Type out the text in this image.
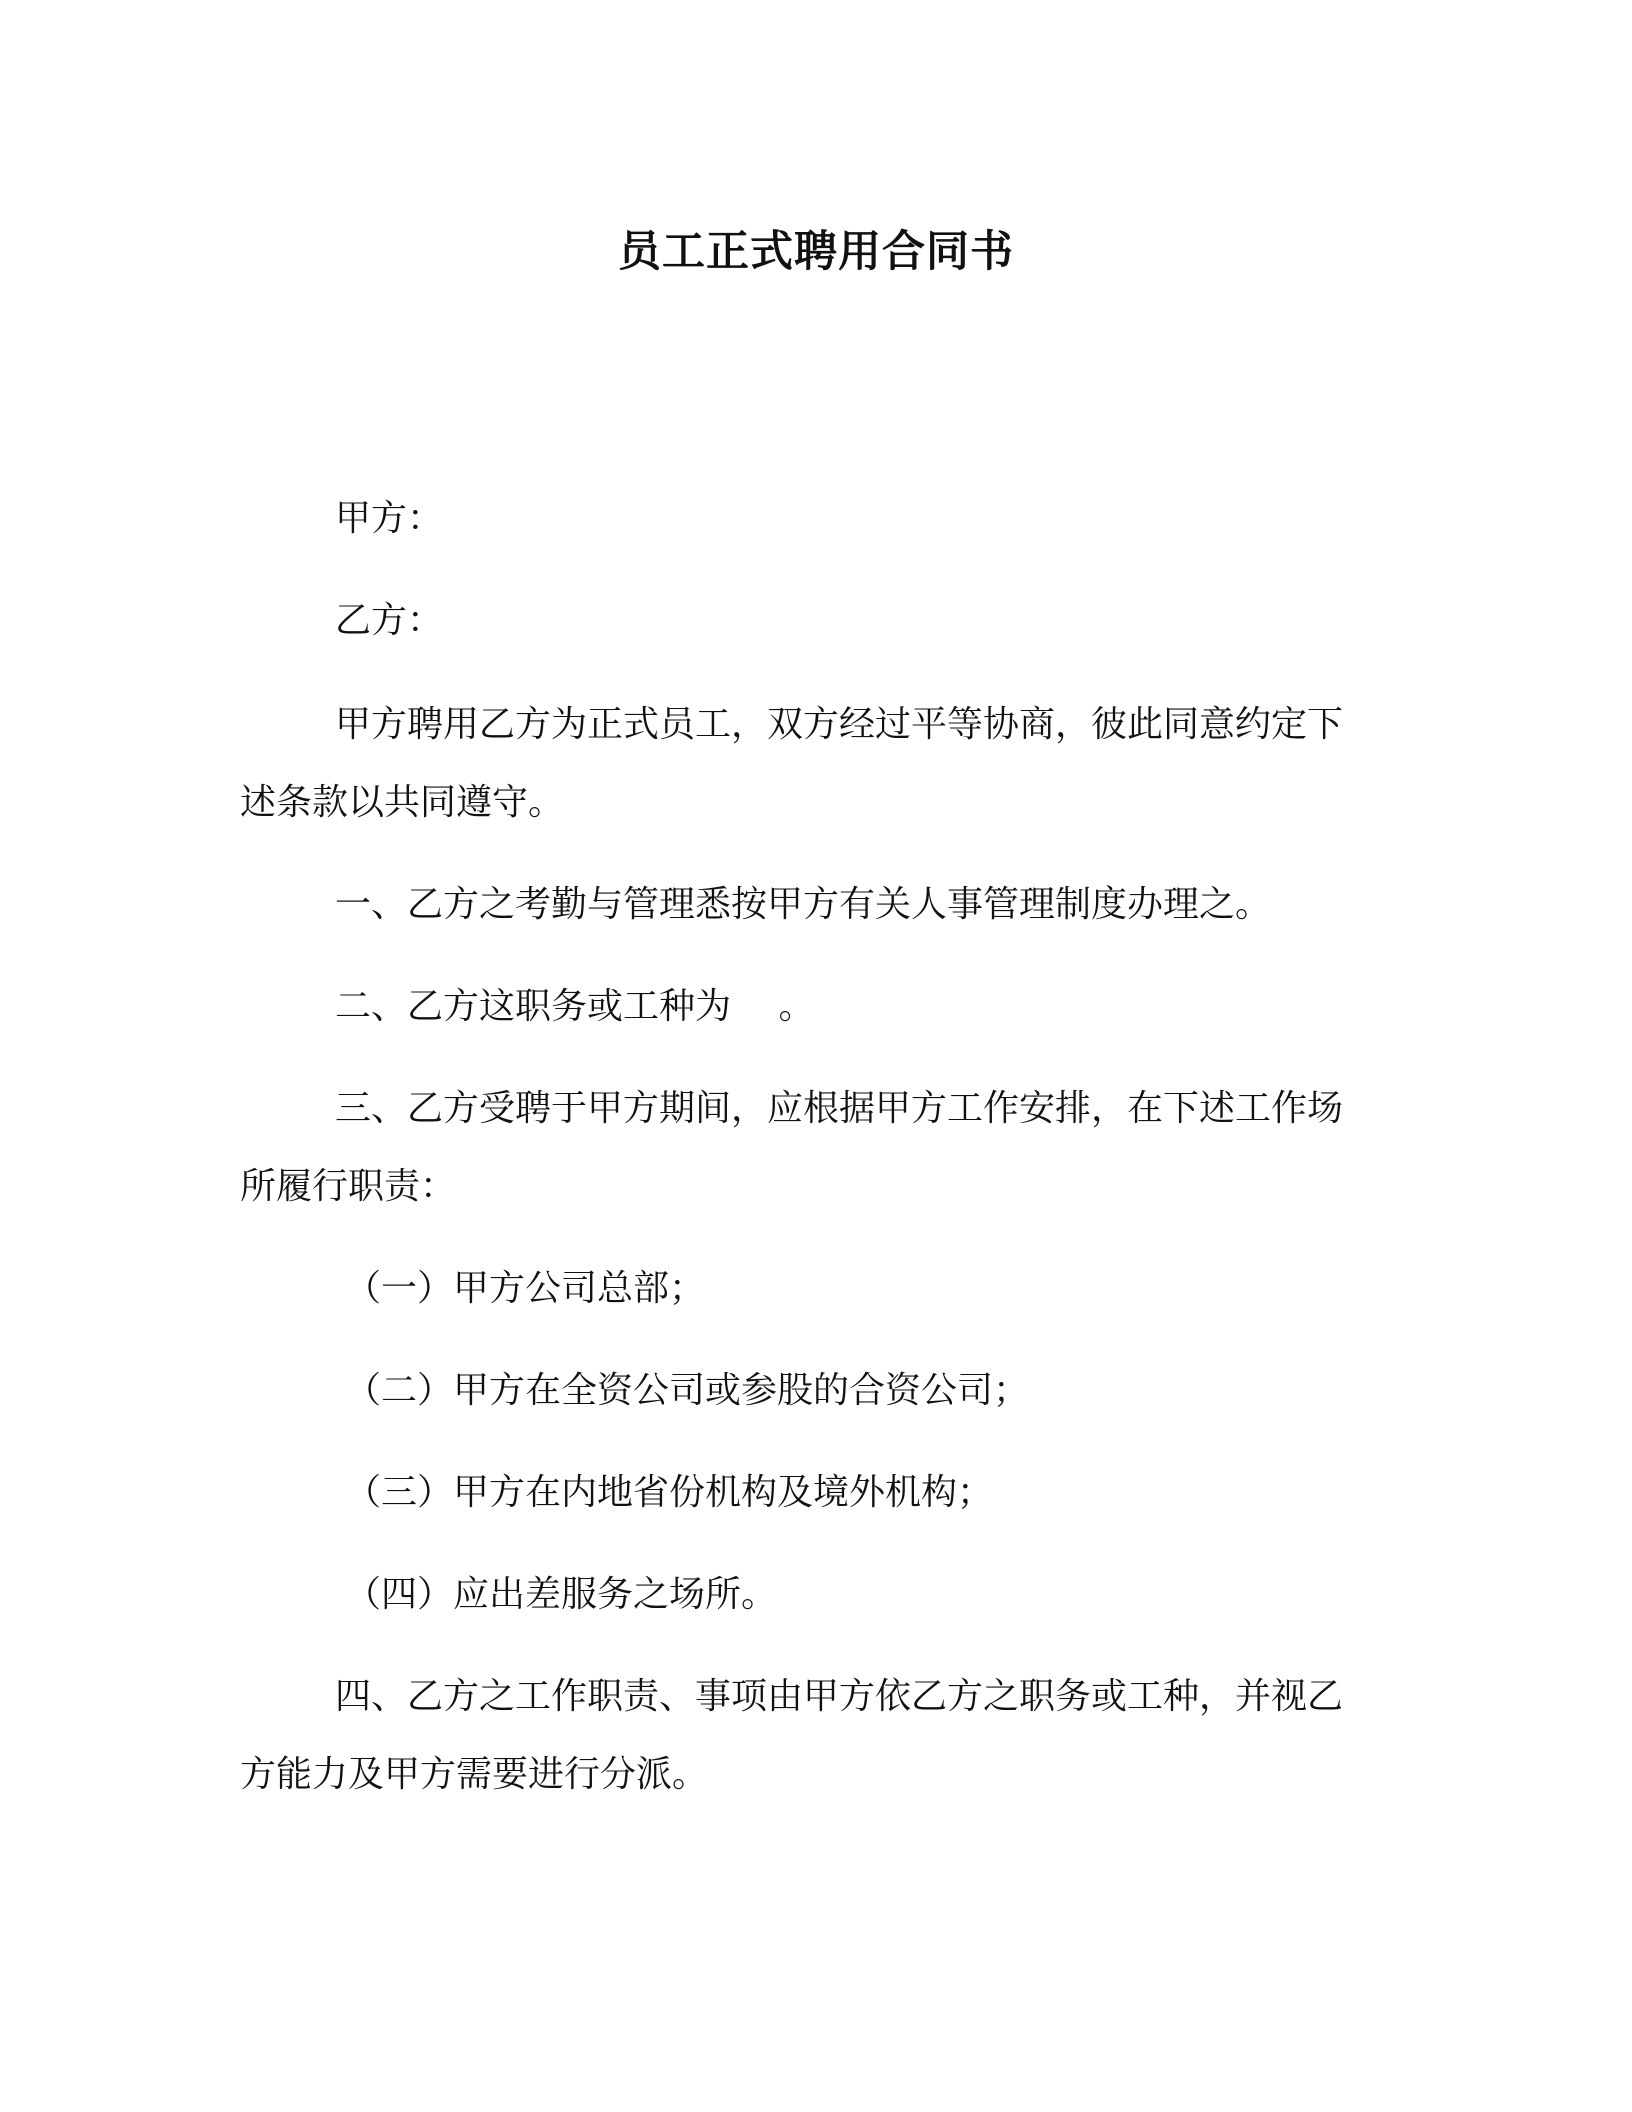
员工正式聘用合同书
甲方：
乙方：
甲方聘用乙方为正式员工，双方经过平等协商，彼此同意约定下
述条款以共同遵守。
一、乙方之考勤与管理悉按甲方有关人事管理制度办理之。
二、乙方这职务或工种为 　。
三、乙方受聘于甲方期间，应根据甲方工作安排，在下述工作场
所履行职责：
（一）甲方公司总部；
（二）甲方在全资公司或参股的合资公司；
（三）甲方在内地省份机构及境外机构；
（四）应出差服务之场所。
四、乙方之工作职责、事项由甲方依乙方之职务或工种，并视乙
方能力及甲方需要进行分派。
